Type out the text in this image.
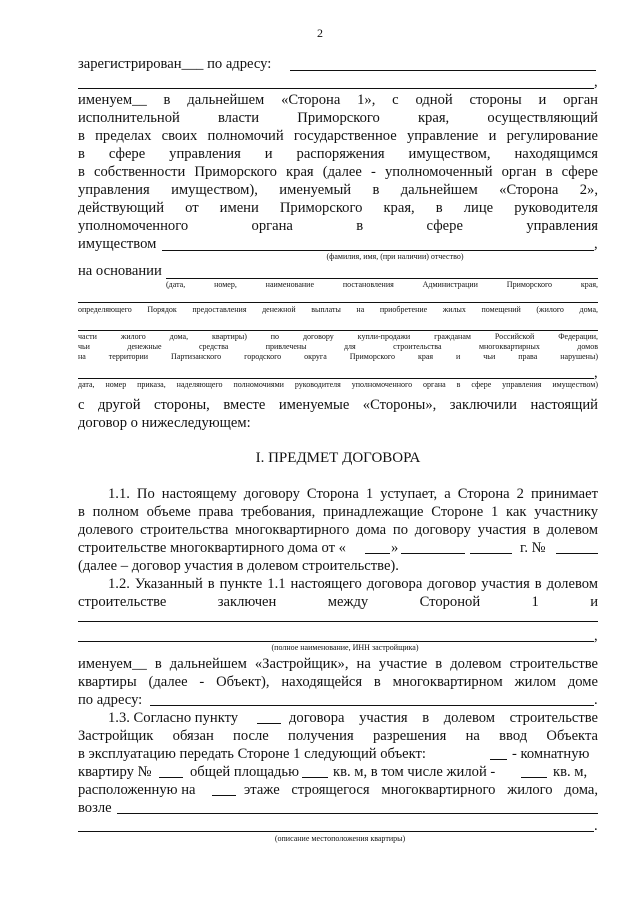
2
зарегистрирован___ по адресу:
,
именуем__ в дальнейшем «Сторона 1», с одной стороны и орган
исполнительной власти Приморского края, осуществляющий
в пределах своих полномочий государственное управление и регулирование
в сфере управления и распоряжения имуществом, находящимся
в собственности Приморского края (далее - уполномоченный орган в сфере
управления имуществом), именуемый в дальнейшем «Сторона 2»,
действующий от имени Приморского края, в лице руководителя
уполномоченного органа в сфере управления
имуществом	,
(фамилия, имя, (при наличии) отчество)
на основании
(дата, номер, наименование постановления Администрации Приморского края,
определяющего Порядок предоставления денежной выплаты на приобретение жилых помещений (жилого дома,
части жилого дома, квартиры) по договору купли-продажи гражданам Российской Федерации,
чьи денежные средства привлечены для строительства многоквартирных домов
на территории Партизанского городского округа Приморского края и чьи права нарушены)
,
дата, номер приказа, наделяющего полномочиями руководителя уполномоченного органа в сфере управления имуществом)
с другой стороны, вместе именуемые «Стороны», заключили настоящий
договор о нижеследующем:
I. ПРЕДМЕТ ДОГОВОРА
1.1. По настоящему договору Сторона 1 уступает, а Сторона 2 принимает
в полном объеме права требования, принадлежащие Стороне 1 как участнику
долевого строительства многоквартирного дома по договору участия в долевом
строительстве многоквартирного дома от «	»	г. №
(далее – договор участия в долевом строительстве).
1.2. Указанный в пункте 1.1 настоящего договора договор участия в долевом
строительстве заключен между Стороной 1 и
,
(полное наименование, ИНН застройщика)
именуем__ в дальнейшем «Застройщик», на участие в долевом строительстве
квартиры (далее - Объект), находящейся в многоквартирном жилом доме
по адресу:	.
1.3. Согласно пункту	договора участия в долевом строительстве
Застройщик обязан после получения разрешения на ввод Объекта
в эксплуатацию передать Стороне 1 следующий объект:	- комнатную
квартиру №	общей площадью	кв. м, в том числе жилой -	кв. м,
расположенную на	этаже строящегося многоквартирного жилого дома,
возле
.
(описание местоположения квартиры)
